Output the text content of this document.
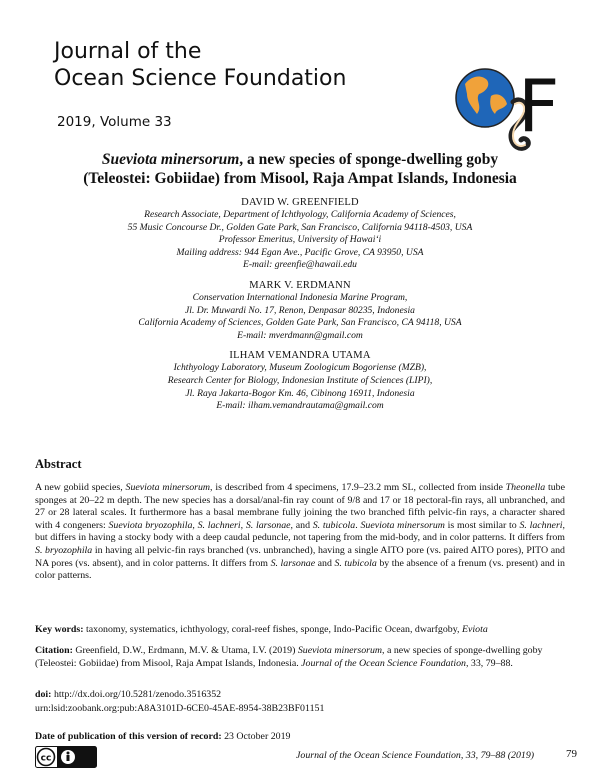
Journal of the
Ocean Science Foundation
2019, Volume 33	F
Sueviota minersorum, a new species of sponge-dwelling goby
(Teleostei: Gobiidae) from Misool, Raja Ampat Islands, Indonesia
DAVID W. GREENFIELD
Research Associate, Department of Ichthyology, California Academy of Sciences,
55 Music Concourse Dr., Golden Gate Park, San Francisco, California 94118-4503, USA
Professor Emeritus, University of Hawai‘i
Mailing address: 944 Egan Ave., Pacific Grove, CA 93950, USA
E-mail: greenfie@hawaii.edu
MARK V. ERDMANN
Conservation International Indonesia Marine Program,
Jl. Dr. Muwardi No. 17, Renon, Denpasar 80235, Indonesia
California Academy of Sciences, Golden Gate Park, San Francisco, CA 94118, USA
E-mail: mverdmann@gmail.com
ILHAM VEMANDRA UTAMA
Ichthyology Laboratory, Museum Zoologicum Bogoriense (MZB),
Research Center for Biology, Indonesian Institute of Sciences (LIPI),
Jl. Raya Jakarta-Bogor Km. 46, Cibinong 16911, Indonesia
E-mail: ilham.vemandrautama@gmail.com
Abstract

A new gobiid species, Sueviota minersorum, is described from 4 specimens, 17.9–23.2 mm SL, collected from inside Theonella tube sponges at 20–22 m depth. The new species has a dorsal/anal-fin ray count of 9/8 and 17 or 18 pectoral-fin rays, all unbranched, and 27 or 28 lateral scales. It furthermore has a basal membrane fully joining the two branched fifth pelvic-fin rays, a character shared with 4 congeners: Sueviota bryozophila, S. lachneri, S. larsonae, and S. tubicola. Sueviota minersorum is most similar to S. lachneri, but differs in having a stocky body with a deep caudal peduncle, not tapering from the mid-body, and in color patterns. It differs from S. bryozophila in having all pelvic-fin rays branched (vs. unbranched), having a single AITO pore (vs. paired AITO pores), PITO and NA pores (vs. absent), and in color patterns. It differs from S. larsonae and S. tubicola by the absence of a frenum (vs. present) and in color patterns.

Key words: taxonomy, systematics, ichthyology, coral-reef fishes, sponge, Indo-Pacific Ocean, dwarfgoby, Eviota

Citation: Greenfield, D.W., Erdmann, M.V. & Utama, I.V. (2019) Sueviota minersorum, a new species of sponge-dwelling goby (Teleostei: Gobiidae) from Misool, Raja Ampat Islands, Indonesia. Journal of the Ocean Science Foundation, 33, 79–88.

doi: http://dx.doi.org/10.5281/zenodo.3516352

urn:lsid:zoobank.org:pub:A8A3101D-6CE0-45AE-8954-38B23BF01151

Date of publication of this version of record: 23 October 2019

cc	Journal of the Ocean Science Foundation, 33, 79–88 (2019)	79
